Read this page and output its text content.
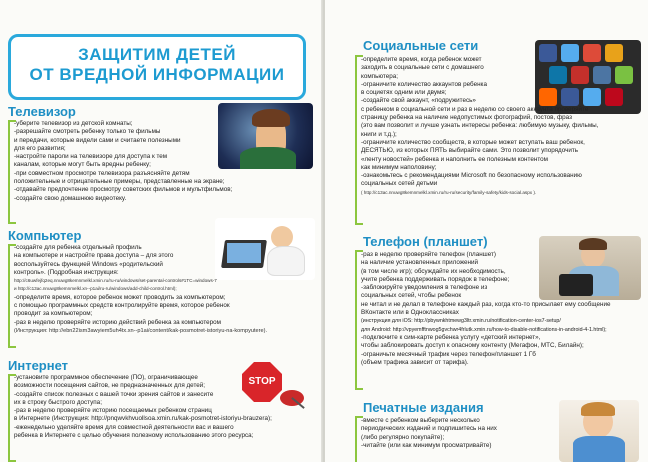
ЗАЩИТИМ ДЕТЕЙ
ОТ ВРЕДНОЙ ИНФОРМАЦИИ
Телевизор
-уберите телевизор из детской комнаты;
-разрешайте смотреть ребенку только те фильмы
и передачи, которые видели сами и считаете полезными
для его развития;
-настройте пароли на телевизоре для доступа к тем
каналам, которые могут быть вредны ребенку;
-при совместном просмотре телевизора разъясняйте детям
положительные и отрицательные примеры, представленные на экране;
-отдавайте предпочтение просмотру советских фильмов и мультфильмов;
-создайте свою домашнюю видеотеку.
Компьютер
-создайте для ребенка отдельный профиль
на компьютере и настройте права доступа – для этого
воспользуйтесь функцией Windows «родительский
контроль». (Подробная инструкция:
http://c6uwfejfq2eq.nnuwg8kemnmelkl.xmin.ru/ru-ru/windows/set-parental-controls#1TC=windows-7
и http://c13ac.nnuwg8kemnmelkl.xn--p1ai/ru-ru/windows/add-child-control.html);
-определите время, которое ребенок может проводить за компьютером;
с помощью программных средств контролируйте время, которое ребенок
проводит за компьютером;
-раз в неделю проверяйте историю действий ребенка за компьютером
(Инструкция: http://ebn22ism3awyiem5uh4tx.xn--p1ai/content/kak-posmotret-istoriyu-na-kompyutere).
Интернет
STOP
-установите программное обеспечение (ПО), ограничивающее
возможности посещения сайтов, не предназначенных для детей;
-создайте список полезных с вашей точки зрения сайтов и занесите
их в строку быстрого доступа;
-раз в неделю проверяйте историю посещаемых ребенком страниц
в Интернете (Инструкция: http://pnqwvkhvuollsoa.xmin.ru/kak-posmotret-istoriyu-brauzera);
-еженедельно уделяйте время для совместной деятельности вас и вашего
ребенка в Интернете с целью обучения полезному использованию этого ресурса;
Социальные сети
-определите время, когда ребенок может
заходить в социальные сети с домашнего
компьютера;
-ограничите количество аккаунтов ребенка
в социетях одним или двумя;
-создайте свой аккаунт, «подружитесь»
с ребенком в социальной сети и раз в неделю со своего аккаунта проверяйте
страницу ребенка на наличие недопустимых фотографий, постов, фраз
(это вам позволит и лучше узнать интересы ребенка: любимую музыку, фильмы,
книги и т.д.);
-ограничите количество сообществ, в которые может вступать ваш ребенок,
ДЕСЯТЬЮ, из которых ПЯТЬ выбирайте сами. Это позволит упорядочить
«ленту новостей» ребенка и наполнить ее полезным контентом
как минимум наполовину;
-ознакомьтесь с рекомендациями Microsoft по безопасному использованию
социальных сетей детьми
( http://c13ac.nnuwg8kemnmelkl.xmin.ru/ru-ru/security/family-safety/kids-social.aspx ).
Телефон (планшет)
-раз в неделю проверяйте телефон (планшет)
на наличие установленных приложений
(в том числе игр); обсуждайте их необходимость,
учите ребенка поддерживать порядок в телефоне;
-заблокируйте уведомления в телефоне из
социальных сетей, чтобы ребенок
не читал и не делал в телефоне каждый раз, когда кто-то присылает ему сообщение
ВКонтакте или в Одноклассниках
(инструкция для iOS: http://pbywnkhtmewg3ltr.xmin.ru/notification-center-ios7-setup/
для Android: http://vpyemfftnwog5gvchwr4frlutk.xmin.ru/how-to-disable-notifications-in-android-4-1.html);
-подключите к сим-карте ребенка услугу «детский интернет»,
чтобы заблокировать доступ к опасному контенту (Мегафон, МТС, Билайн);
-ограничьте месячный трафик через телефон/планшет 1 Гб
(объем трафика зависит от тарифа).
Печатные издания
-вместе с ребенком выберите несколько
периодических изданий и подпишитесь на них
(либо регулярно покупайте);
-читайте (или как минимум просматривайте)
